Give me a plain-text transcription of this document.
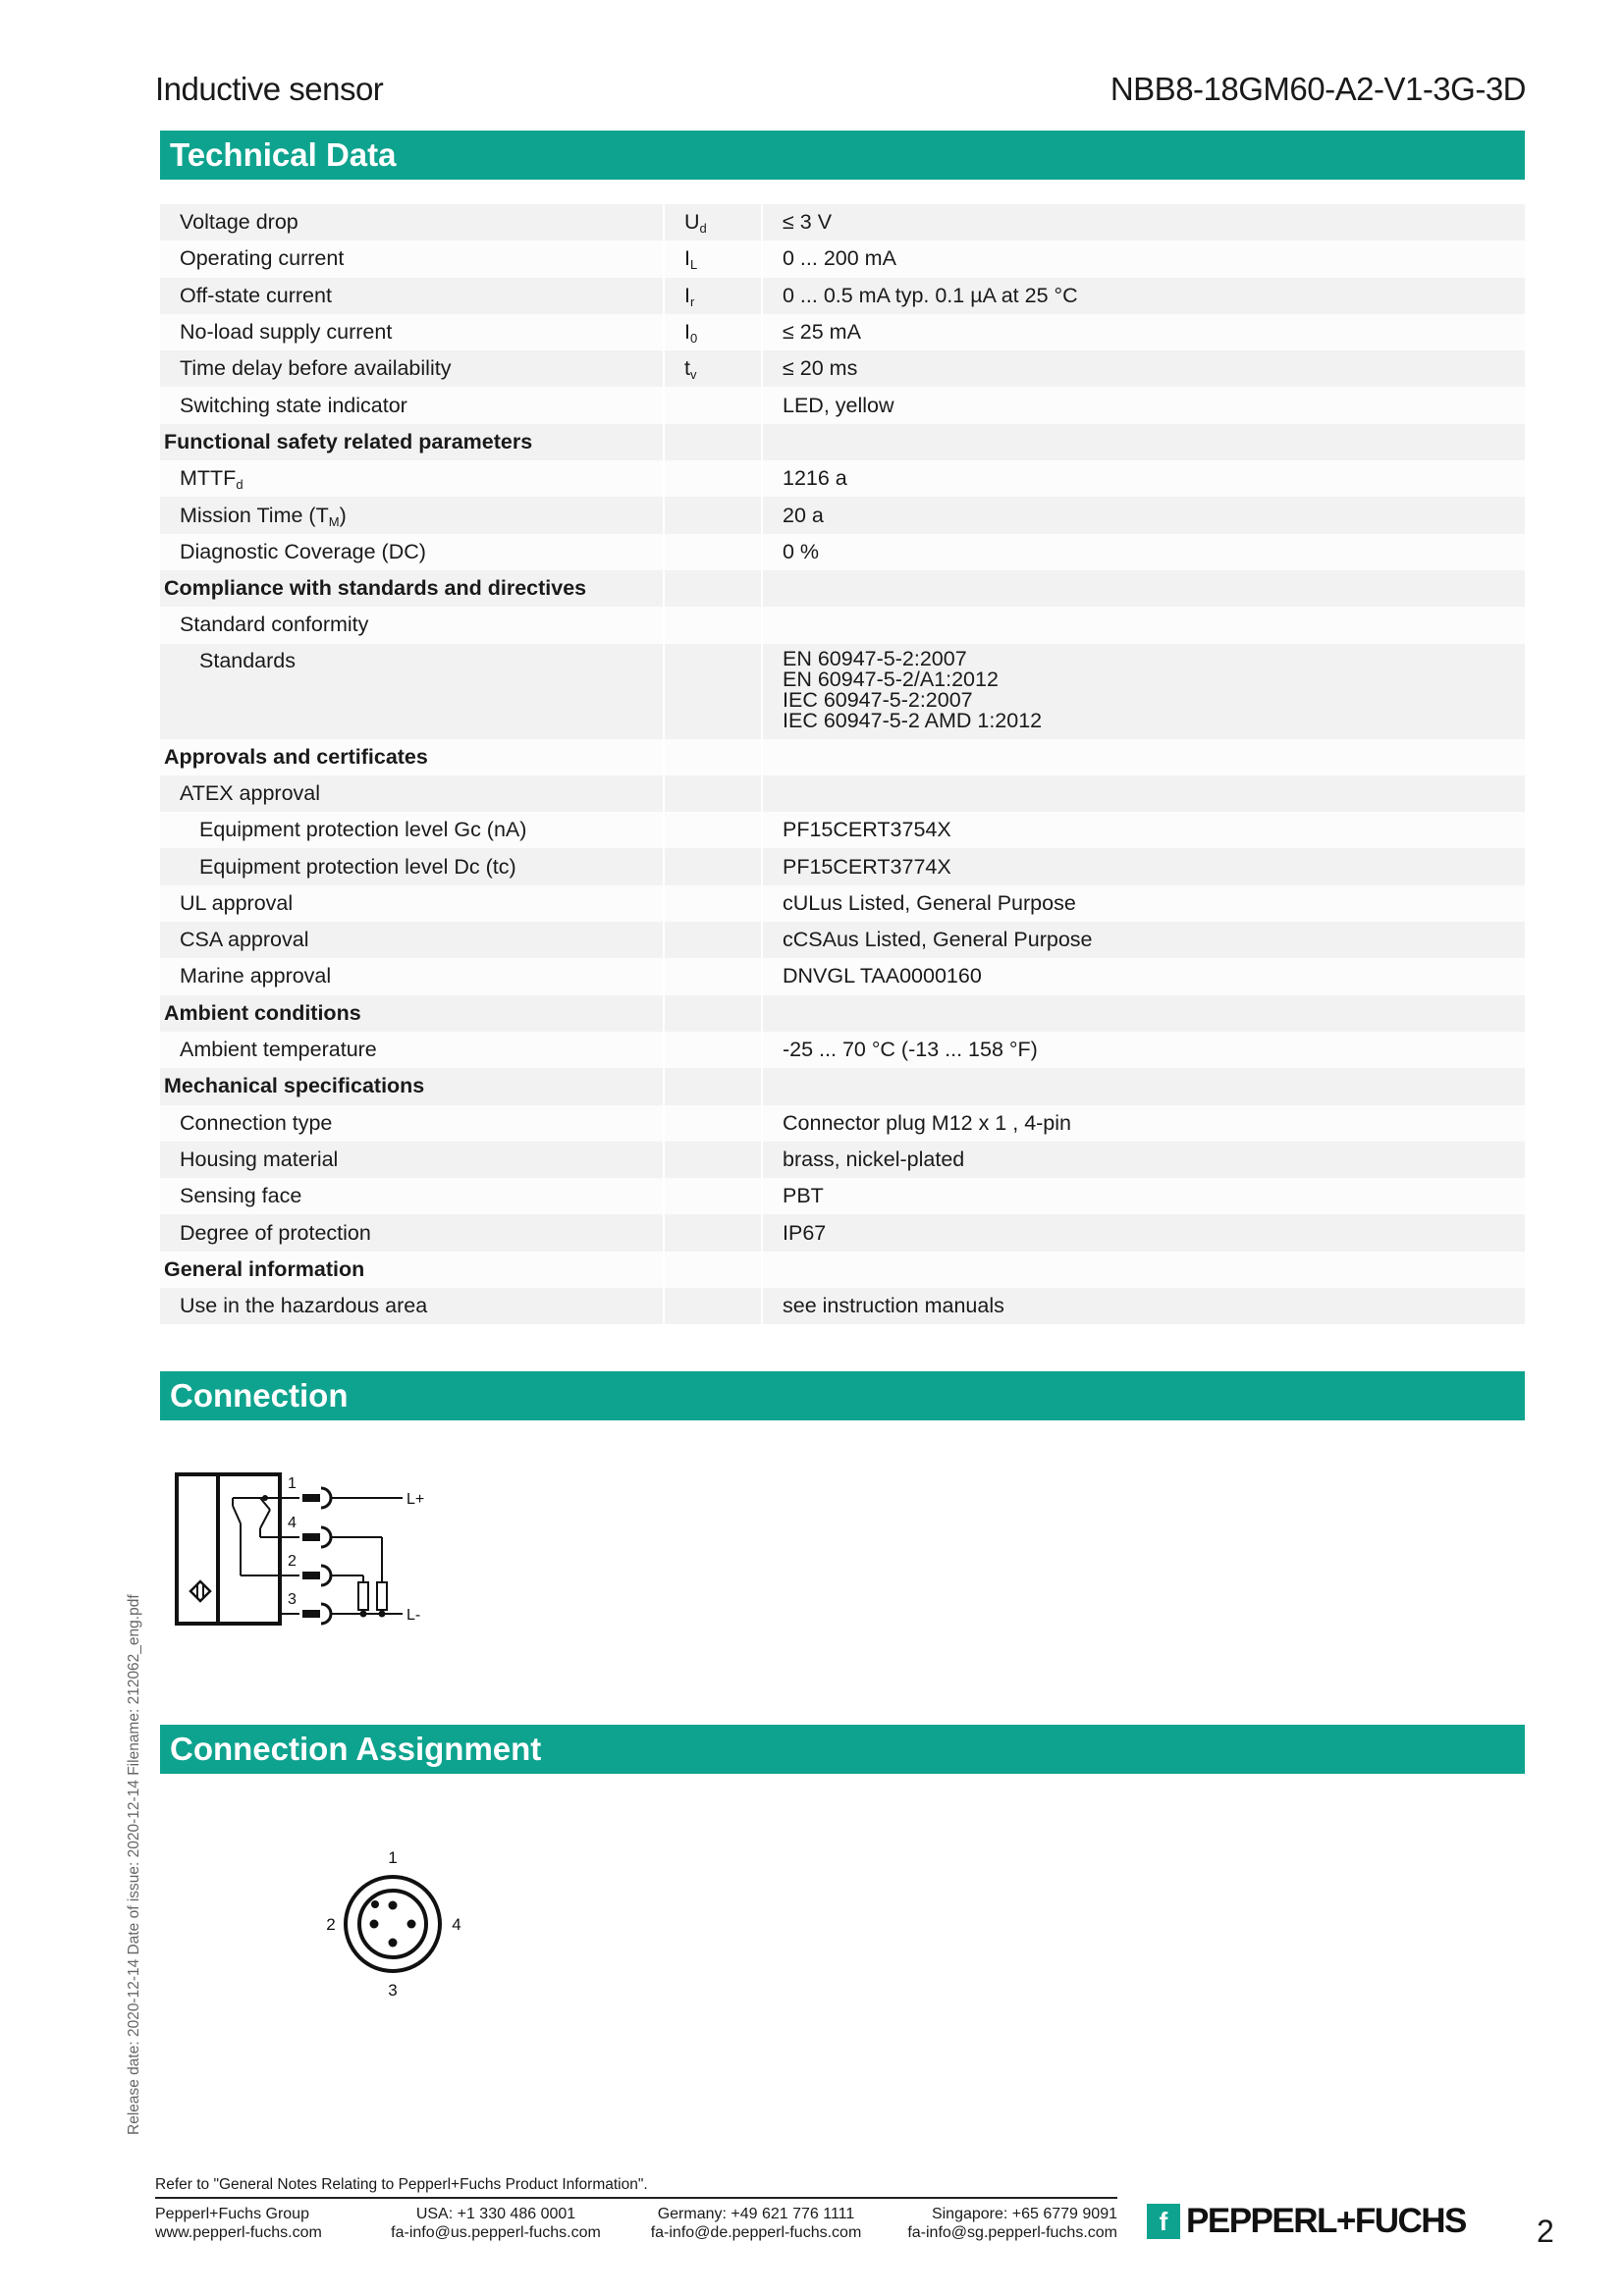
Inductive sensor	NBB8-18GM60-A2-V1-3G-3D
Technical Data
Voltage drop	$U_d$	≤ 3 V
Operating current	$I_L$	0 ... 200 mA
Off-state current	$I_r$	0 ... 0.5 mA typ. 0.1 µA at 25 °C
No-load supply current	$I_0$	≤ 25 mA
Time delay before availability	$t_v$	≤ 20 ms
Switching state indicator		LED, yellow
Functional safety related parameters		
$MTTF_d$		1216 a
Mission Time $(T_M)$		20 a
Diagnostic Coverage (DC)		0 %
Compliance with standards and directives		
Standard conformity		
Standards		EN 60947-5-2:2007
EN 60947-5-2/A1:2012
IEC 60947-5-2:2007
IEC 60947-5-2 AMD 1:2012

Approvals and certificates		
ATEX approval		
Equipment protection level Gc (nA)		PF15CERT3754X
Equipment protection level Dc (tc)		PF15CERT3774X
UL approval		cULus Listed, General Purpose
CSA approval		cCSAus Listed, General Purpose
Marine approval		DNVGL TAA0000160
Ambient conditions		
Ambient temperature		-25 ... 70 °C (-13 ... 158 °F)
Mechanical specifications		
Connection type		Connector plug M12 x 1 , 4-pin
Housing material		brass, nickel-plated
Sensing face		PBT
Degree of protection		IP67
General information		
Use in the hazardous area		see instruction manuals
Connection
1
4
2
3
L+
L-
Connection Assignment
1
2	4
3
Release date: 2020-12-14 Date of issue: 2020-12-14 Filename: 212062_eng.pdf
Refer to "General Notes Relating to Pepperl+Fuchs Product Information".
Pepperl+Fuchs Group
www.pepperl-fuchs.com
USA: +1 330 486 0001
fa-info@us.pepperl-fuchs.com
Germany: +49 621 776 1111
fa-info@de.pepperl-fuchs.com
Singapore: +65 6779 9091
fa-info@sg.pepperl-fuchs.com	f PEPPERL+FUCHS 2
